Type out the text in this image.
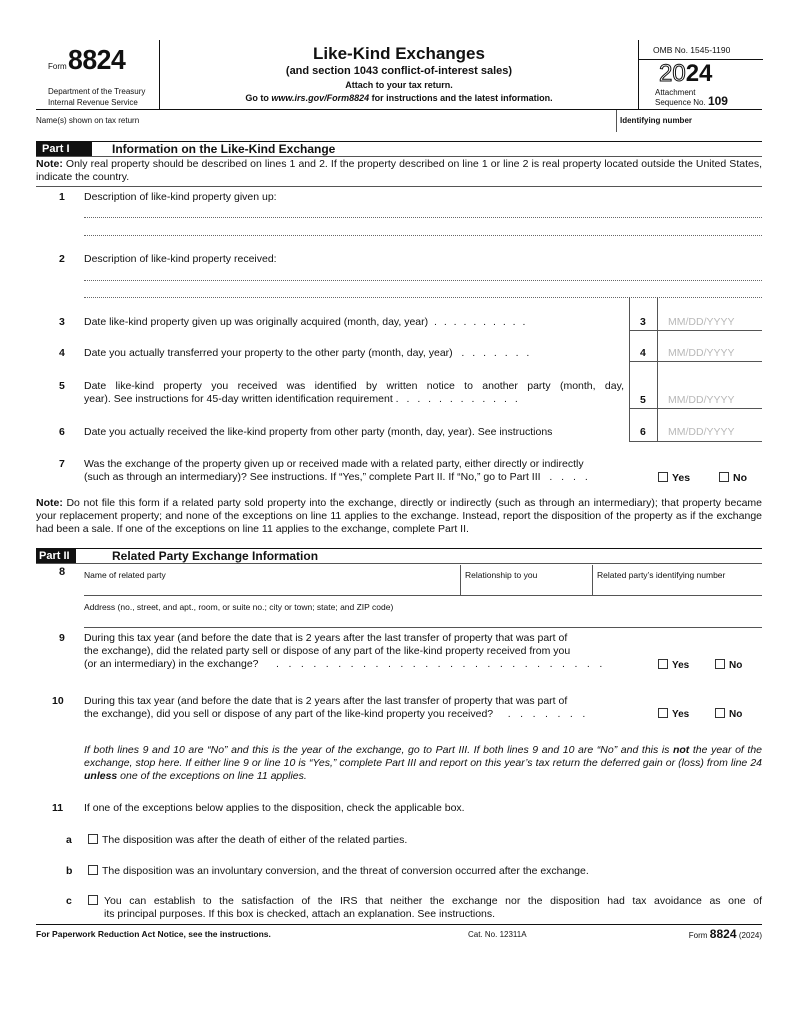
Form 8824
Department of the Treasury
Internal Revenue Service
Like-Kind Exchanges
(and section 1043 conflict-of-interest sales)
Attach to your tax return.
Go to www.irs.gov/Form8824 for instructions and the latest information.
OMB No. 1545-1190
2024
Attachment
Sequence No. 109
Name(s) shown on tax return	Identifying number
Part I	Information on the Like-Kind Exchange
Note: Only real property should be described on lines 1 and 2. If the property described on line 1 or line 2 is real property located outside the United States, indicate the country.
1 Description of like-kind property given up:
2 Description of like-kind property received:
3 Date like-kind property given up was originally acquired (month, day, year) . . . . . . . . . .	3 MM/DD/YYYY
4 Date you actually transferred your property to the other party (month, day, year) . . . . . . .	4 MM/DD/YYYY
5 Date like-kind property you received was identified by written notice to another party (month, day,
year). See instructions for 45-day written identification requirement . . . . . . . . . . . .	5 MM/DD/YYYY
6 Date you actually received the like-kind property from other party (month, day, year). See instructions	6 MM/DD/YYYY
7 Was the exchange of the property given up or received made with a related party, either directly or indirectly
(such as through an intermediary)? See instructions. If “Yes,” complete Part II. If “No,” go to Part III . . . .	Yes	No
Note: Do not file this form if a related party sold property into the exchange, directly or indirectly (such as through an intermediary); that property became your replacement property; and none of the exceptions on line 11 applies to the exchange. Instead, report the disposition of the property as if the exchange had been a sale. If one of the exceptions on line 11 applies to the exchange, complete Part II.
Part II	Related Party Exchange Information
8 Name of related party	Relationship to you	Related party’s identifying number
Address (no., street, and apt., room, or suite no.; city or town; state; and ZIP code)
9 During this tax year (and before the date that is 2 years after the last transfer of property that was part of
the exchange), did the related party sell or dispose of any part of the like-kind property received from you
(or an intermediary) in the exchange? . . . . . . . . . . . . . . . . . . . . . . . . . . .	Yes	No
10 During this tax year (and before the date that is 2 years after the last transfer of property that was part of
the exchange), did you sell or dispose of any part of the like-kind property you received? . . . . . . .	Yes	No
If both lines 9 and 10 are “No” and this is the year of the exchange, go to Part III. If both lines 9 and 10 are “No” and this is not the year of the exchange, stop here. If either line 9 or line 10 is “Yes,” complete Part III and report on this year’s tax return the deferred gain or (loss) from line 24 unless one of the exceptions on line 11 applies.
11 If one of the exceptions below applies to the disposition, check the applicable box.
a	The disposition was after the death of either of the related parties.
b	The disposition was an involuntary conversion, and the threat of conversion occurred after the exchange.
c	You can establish to the satisfaction of the IRS that neither the exchange nor the disposition had tax avoidance as one of
its principal purposes. If this box is checked, attach an explanation. See instructions.
For Paperwork Reduction Act Notice, see the instructions.	Cat. No. 12311A	Form 8824 (2024)
